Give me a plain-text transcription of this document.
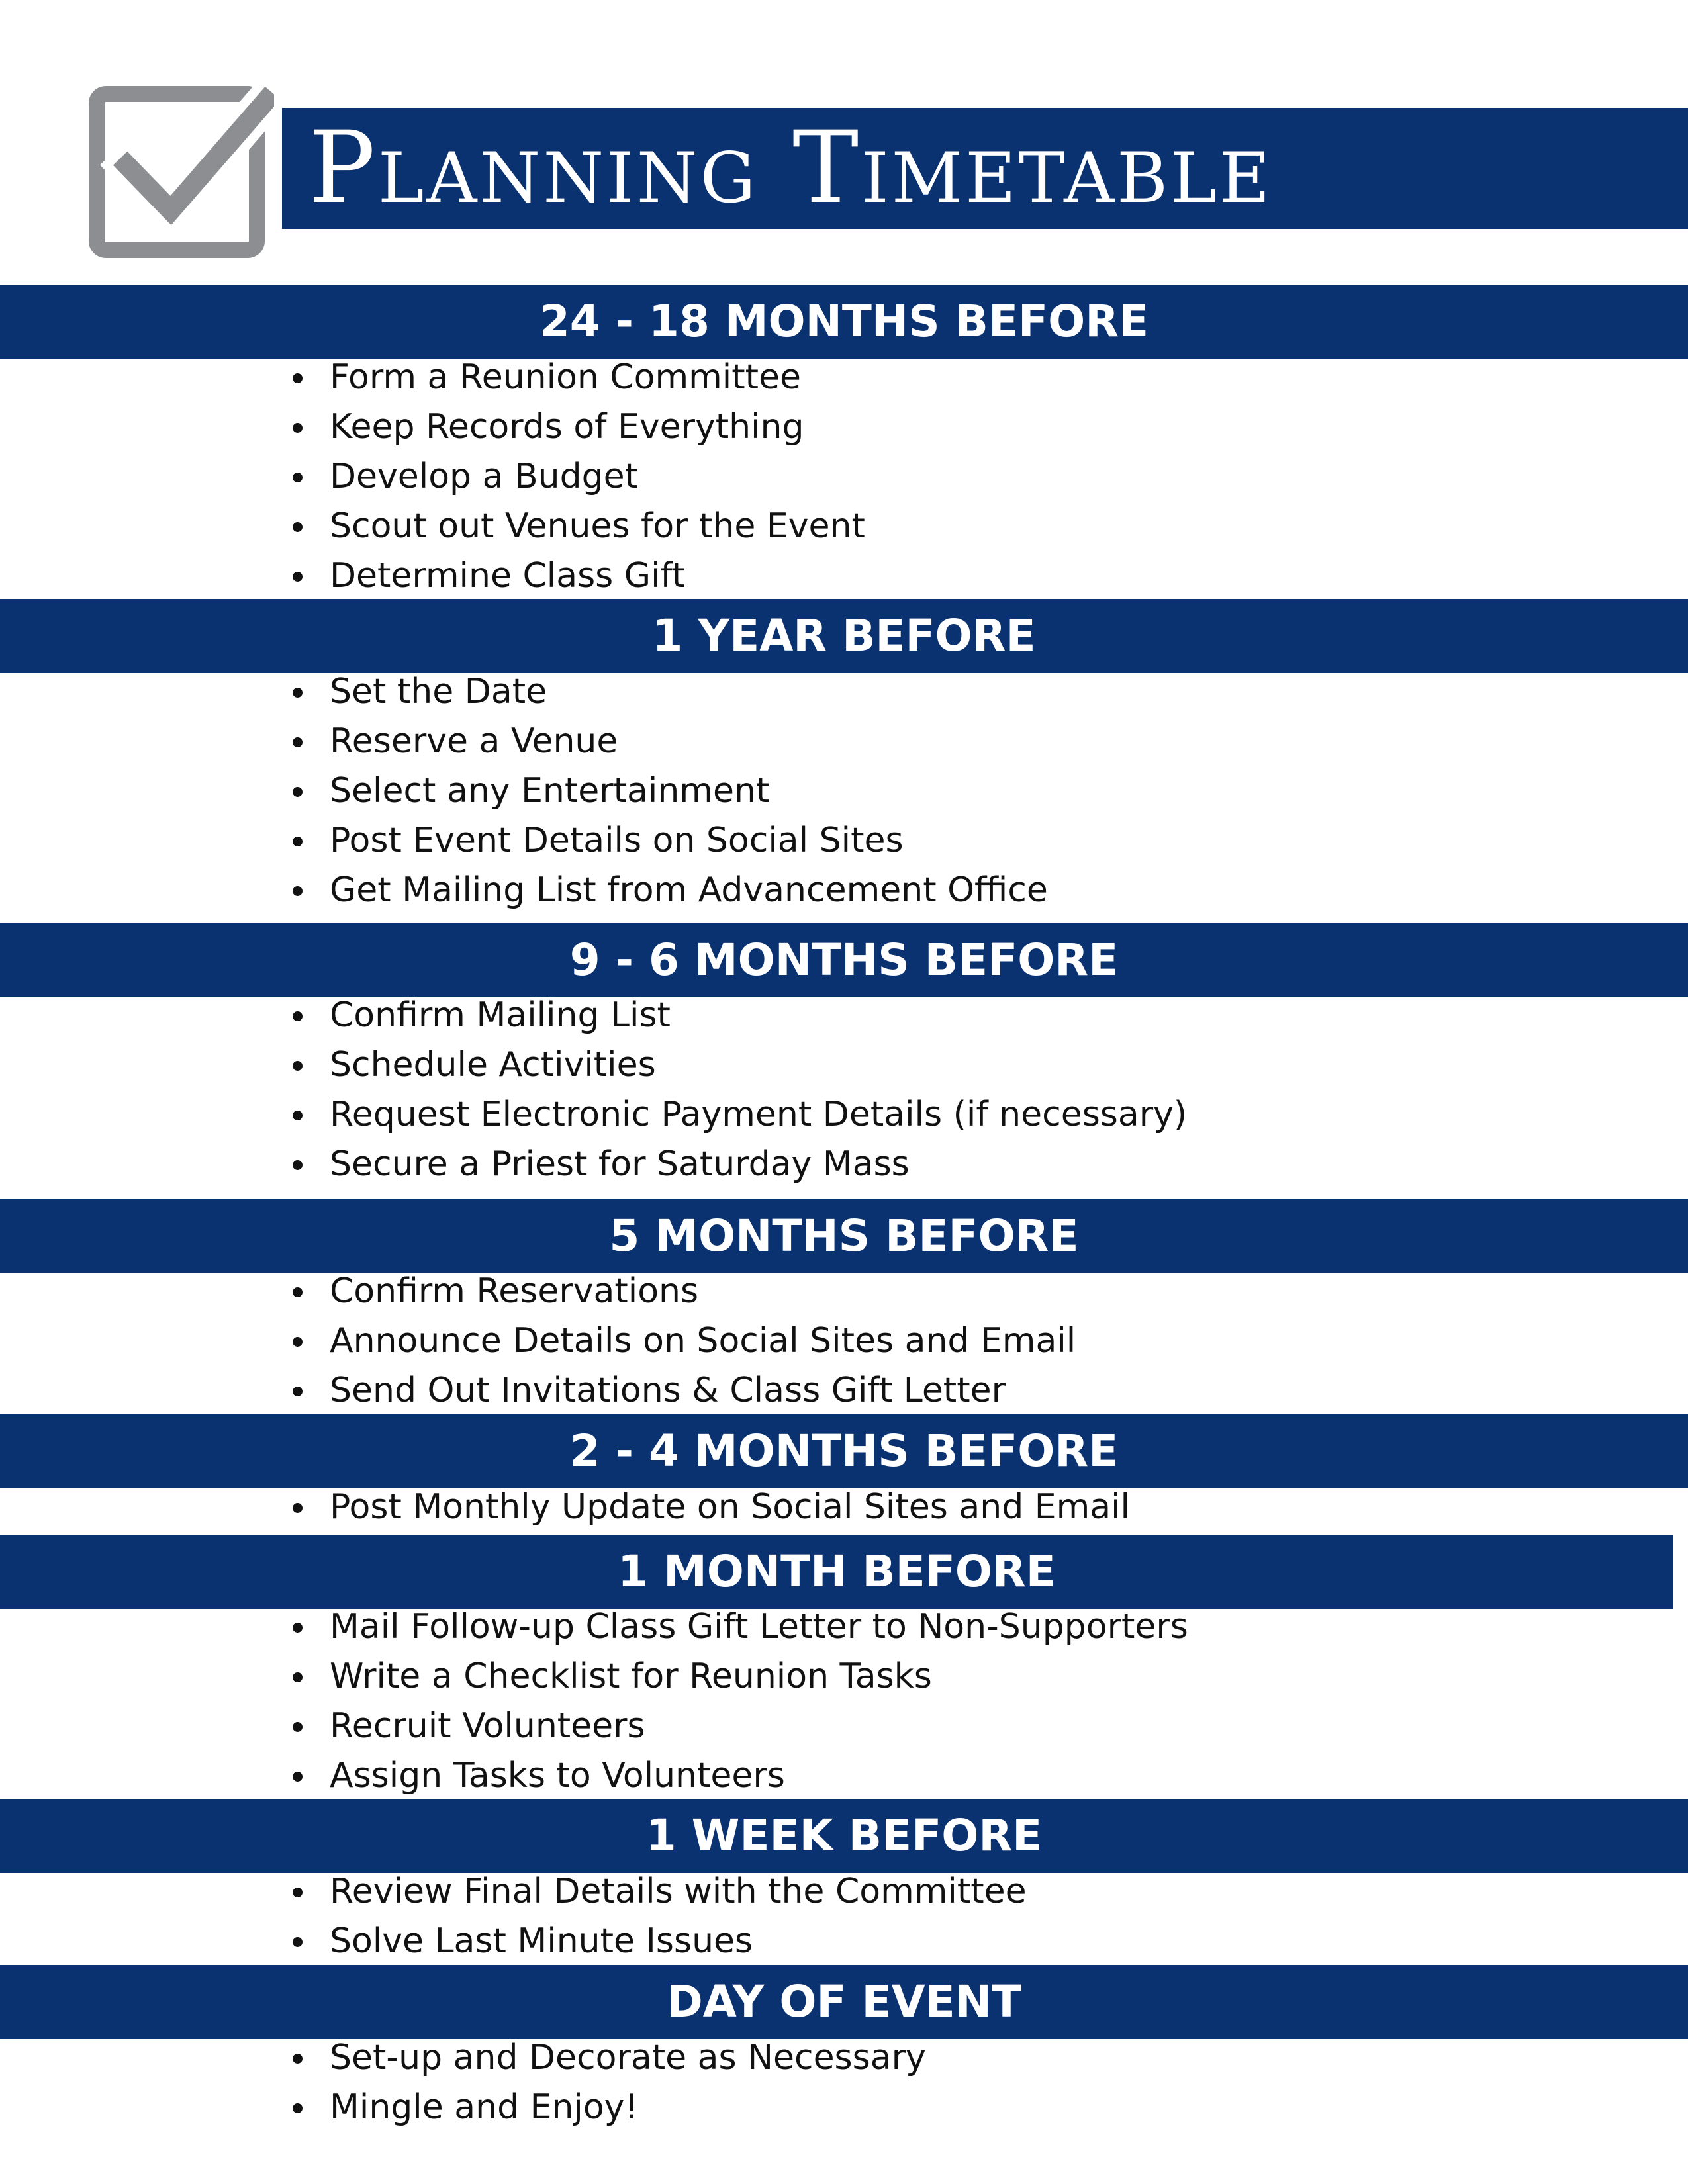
Planning Timetable
24 - 18 MONTHS BEFORE
Form a Reunion Committee
Keep Records of Everything
Develop a Budget
Scout out Venues for the Event
Determine Class Gift
1 YEAR BEFORE
Set the Date
Reserve a Venue
Select any Entertainment
Post Event Details on Social Sites
Get Mailing List from Advancement Office
9 - 6 MONTHS BEFORE
Confirm Mailing List
Schedule Activities
Request Electronic Payment Details (if necessary)
Secure a Priest for Saturday Mass
5 MONTHS BEFORE
Confirm Reservations
Announce Details on Social Sites and Email
Send Out Invitations & Class Gift Letter
2 - 4 MONTHS BEFORE
Post Monthly Update on Social Sites and Email
1 MONTH BEFORE
Mail Follow-up Class Gift Letter to Non-Supporters
Write a Checklist for Reunion Tasks
Recruit Volunteers
Assign Tasks to Volunteers
1 WEEK BEFORE
Review Final Details with the Committee
Solve Last Minute Issues
DAY OF EVENT
Set-up and Decorate as Necessary
Mingle and Enjoy!
